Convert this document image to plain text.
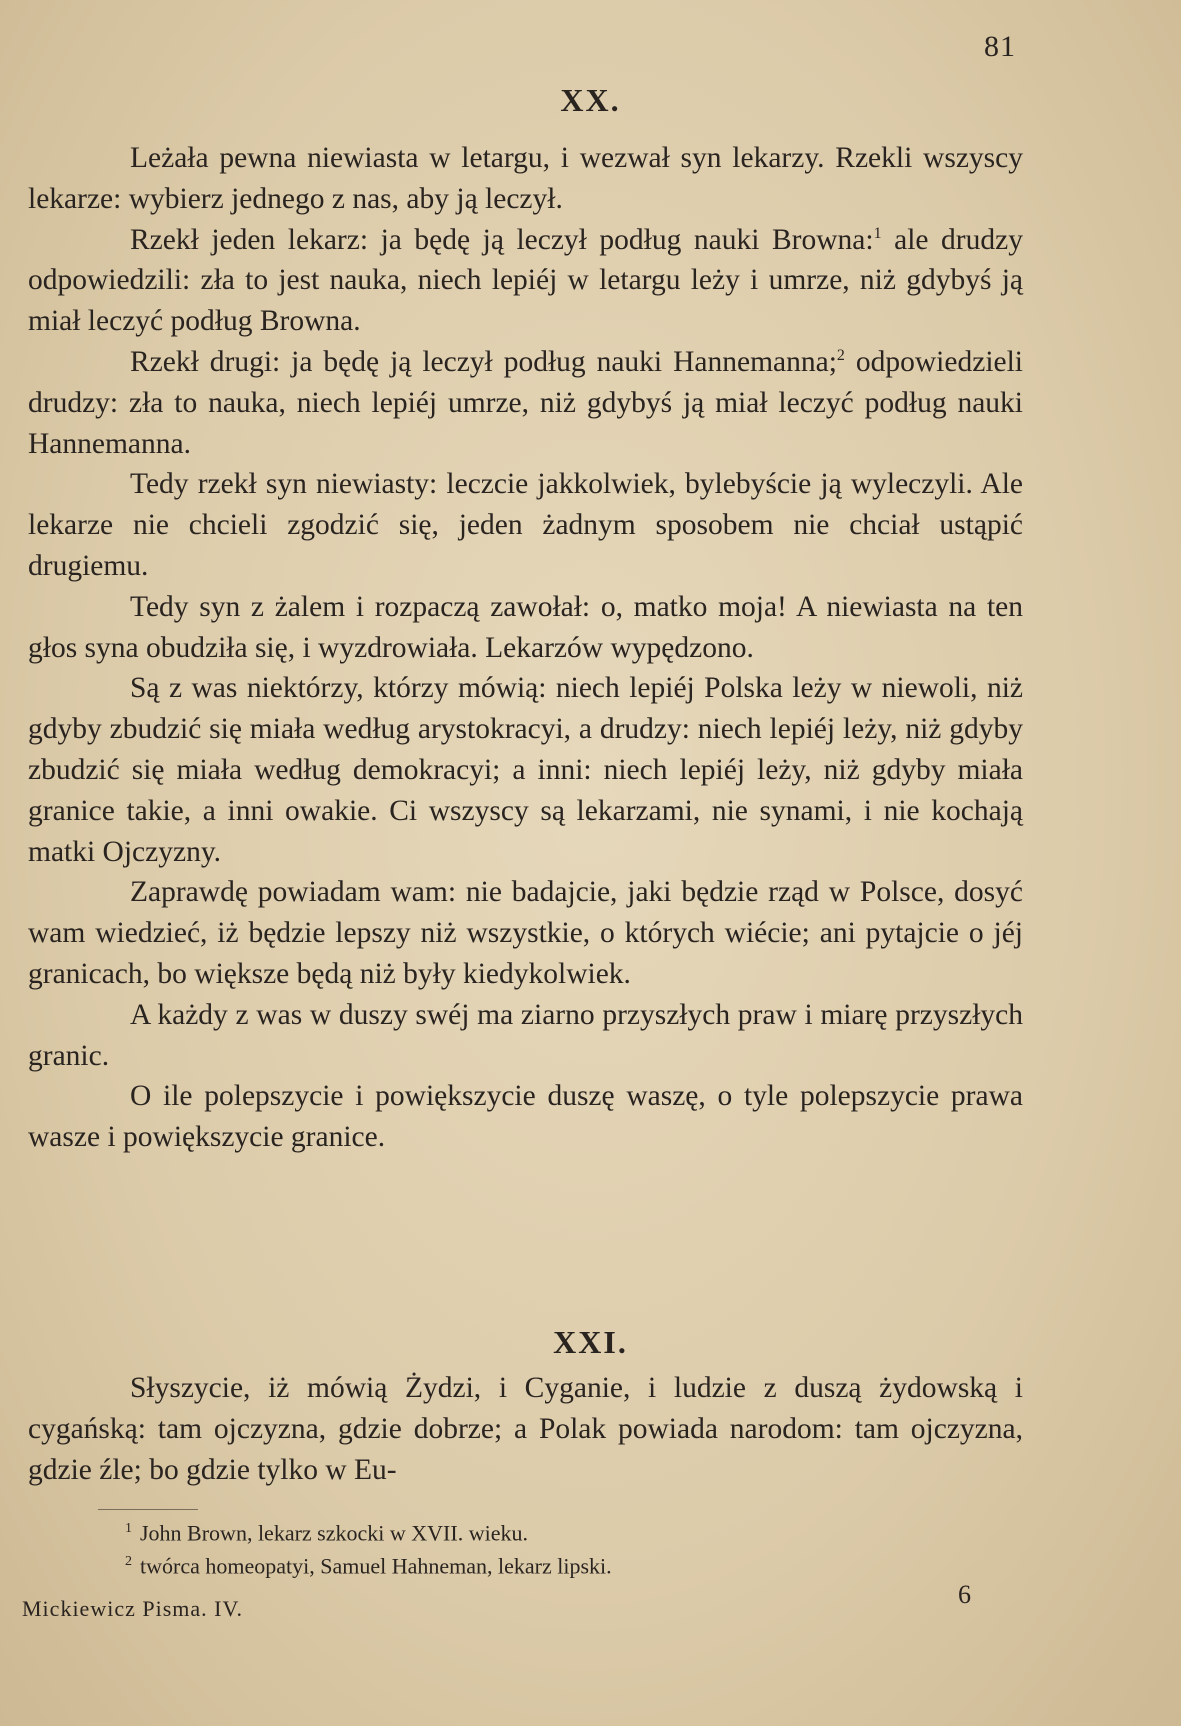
81
XX.

Leżała pewna niewiasta w letargu, i wezwał syn lekarzy. Rzekli wszyscy lekarze: wybierz jednego z nas, aby ją leczył.

Rzekł jeden lekarz: ja będę ją leczył podług nauki Browna:$^1$ ale drudzy odpowiedzili: zła to jest nauka, niech lepiéj w letargu leży i umrze, niż gdybyś ją miał leczyć podług Browna.

Rzekł drugi: ja będę ją leczył podług nauki Hannemanna;$^2$ odpowiedzieli drudzy: zła to nauka, niech lepiéj umrze, niż gdybyś ją miał leczyć podług nauki Hannemanna.

Tedy rzekł syn niewiasty: leczcie jakkolwiek, bylebyście ją wyleczyli. Ale lekarze nie chcieli zgodzić się, jeden żadnym sposobem nie chciał ustąpić drugiemu.

Tedy syn z żalem i rozpaczą zawołał: o, matko moja! A niewiasta na ten głos syna obudziła się, i wyzdrowiała. Lekarzów wypędzono.

Są z was niektórzy, którzy mówią: niech lepiéj Polska leży w niewoli, niż gdyby zbudzić się miała według arystokracyi, a drudzy: niech lepiéj leży, niż gdyby zbudzić się miała według demokracyi; a inni: niech lepiéj leży, niż gdyby miała granice takie, a inni owakie. Ci wszyscy są lekarzami, nie synami, i nie kochają matki Ojczyzny.

Zaprawdę powiadam wam: nie badajcie, jaki będzie rząd w Polsce, dosyć wam wiedzieć, iż będzie lepszy niż wszystkie, o których wiécie; ani pytajcie o jéj granicach, bo większe będą niż były kiedykolwiek.

A każdy z was w duszy swéj ma ziarno przyszłych praw i miarę przyszłych granic.

O ile polepszycie i powiększycie duszę waszę, o tyle polepszycie prawa wasze i powiększycie granice.

XXI.

Słyszycie, iż mówią Żydzi, i Cyganie, i ludzie z duszą żydowską i cygańską: tam ojczyzna, gdzie dobrze; a Polak powiada narodom: tam ojczyzna, gdzie źle; bo gdzie tylko w Eu-

$^1$ John Brown, lekarz szkocki w XVII. wieku.
$^2$ twórca homeopatyi, Samuel Hahneman, lekarz lipski.
Mickiewicz Pisma. IV.	6
